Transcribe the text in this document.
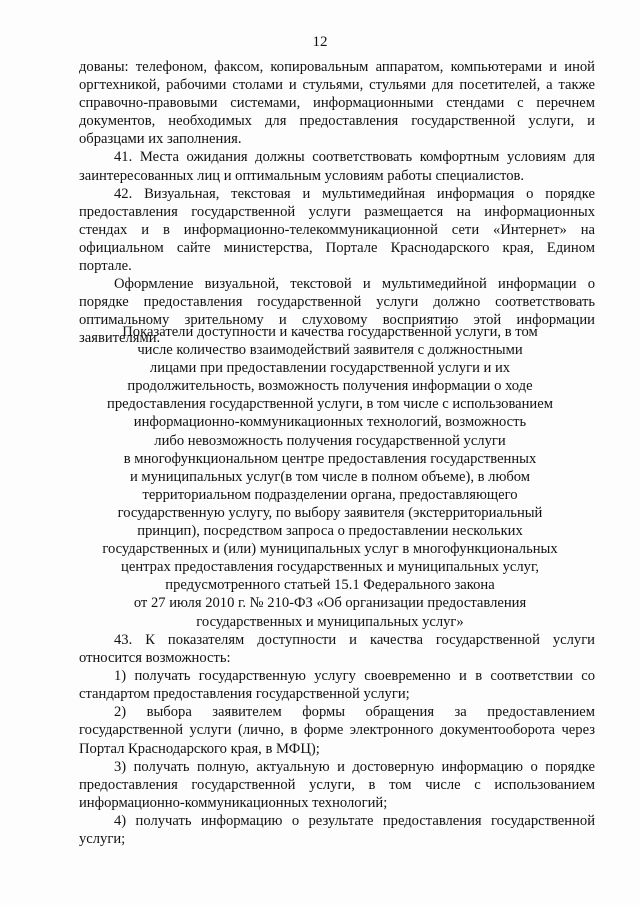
12

дованы: телефоном, факсом, копировальным аппаратом, компьютерами и иной оргтехникой, рабочими столами и стульями, стульями для посетителей, а также справочно-правовыми системами, информационными стендами с перечнем документов, необходимых для предоставления государственной услуги, и образцами их заполнения.

41. Места ожидания должны соответствовать комфортным условиям для заинтересованных лиц и оптимальным условиям работы специалистов.

42. Визуальная, текстовая и мультимедийная информация о порядке предоставления государственной услуги размещается на информационных стендах и в информационно-телекоммуникационной сети «Интернет» на официальном сайте министерства, Портале Краснодарского края, Едином портале.

Оформление визуальной, текстовой и мультимедийной информации о порядке предоставления государственной услуги должно соответствовать оптимальному зрительному и слуховому восприятию этой информации заявителями.

Показатели доступности и качества государственной услуги, в том
числе количество взаимодействий заявителя с должностными
лицами при предоставлении государственной услуги и их
продолжительность, возможность получения информации о ходе
предоставления государственной услуги, в том числе с использованием
информационно-коммуникационных технологий, возможность
либо невозможность получения государственной услуги
в многофункциональном центре предоставления государственных
и муниципальных услуг(в том числе в полном объеме), в любом
территориальном подразделении органа, предоставляющего
государственную услугу, по выбору заявителя (экстерриториальный
принцип), посредством запроса о предоставлении нескольких
государственных и (или) муниципальных услуг в многофункциональных
центрах предоставления государственных и муниципальных услуг,
предусмотренного статьей 15.1 Федерального закона
от 27 июля 2010 г. № 210-ФЗ «Об организации предоставления
государственных и муниципальных услуг»

43. К показателям доступности и качества государственной услуги относится возможность:

1) получать государственную услугу своевременно и в соответствии со стандартом предоставления государственной услуги;

2) выбора заявителем формы обращения за предоставлением государственной услуги (лично, в форме электронного документооборота через Портал Краснодарского края, в МФЦ);

3) получать полную, актуальную и достоверную информацию о порядке предоставления государственной услуги, в том числе с использованием информационно-коммуникационных технологий;

4) получать информацию о результате предоставления государственной услуги;
